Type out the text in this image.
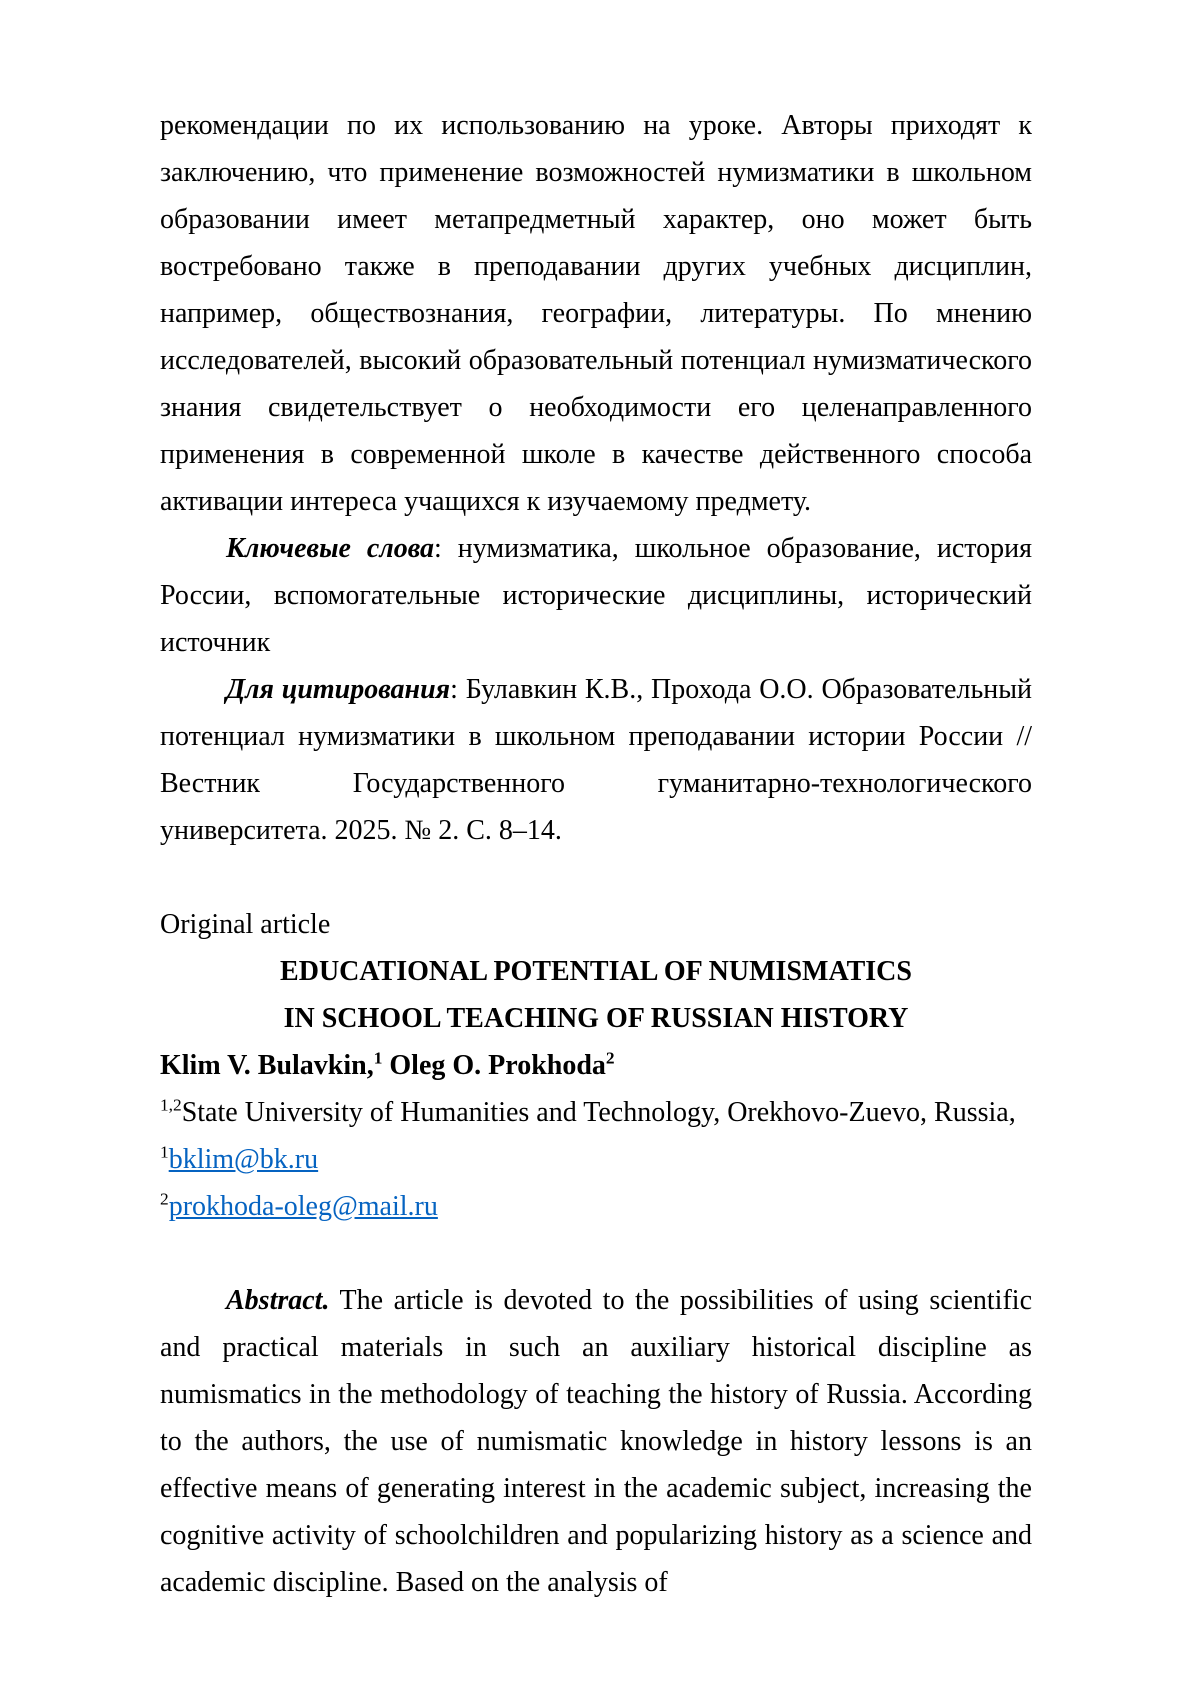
рекомендации по их использованию на уроке. Авторы приходят к заключению, что применение возможностей нумизматики в школьном образовании имеет метапредметный характер, оно может быть востребовано также в преподавании других учебных дисциплин, например, обществознания, географии, литературы. По мнению исследователей, высокий образовательный потенциал нумизматического знания свидетельствует о необходимости его целенаправленного применения в современной школе в качестве действенного способа активации интереса учащихся к изучаемому предмету.

Ключевые слова: нумизматика, школьное образование, история России, вспомогательные исторические дисциплины, исторический источник

Для цитирования: Булавкин К.В., Прохода О.О. Образовательный потенциал нумизматики в школьном преподавании истории России // Вестник Государственного гуманитарно-технологического университета. 2025. № 2. С. 8–14.

Original article

EDUCATIONAL POTENTIAL OF NUMISMATICS

IN SCHOOL TEACHING OF RUSSIAN HISTORY

Klim V. Bulavkin,$^1$ Oleg O. Prokhoda$^2$

$^{1,2}$State University of Humanities and Technology, Orekhovo-Zuevo, Russia,

$^1$bklim@bk.ru

$^2$prokhoda-oleg@mail.ru

Abstract. The article is devoted to the possibilities of using scientific and practical materials in such an auxiliary historical discipline as numismatics in the methodology of teaching the history of Russia. According to the authors, the use of numismatic knowledge in history lessons is an effective means of generating interest in the academic subject, increasing the cognitive activity of schoolchildren and popularizing history as a science and academic discipline. Based on the analysis of
